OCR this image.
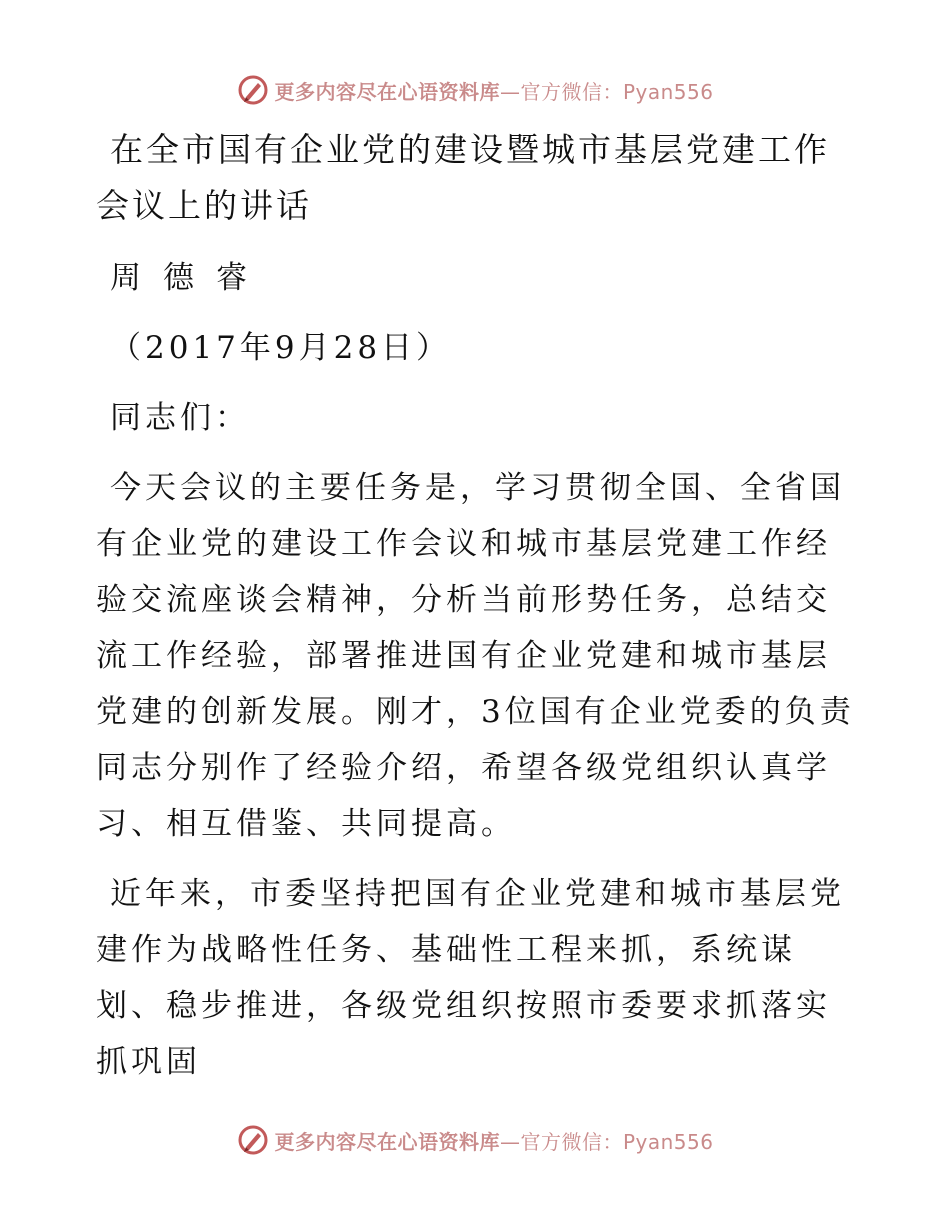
更多内容尽在心语资料库—官方微信：Pyan556
在全市国有企业党的建设暨城市基层党建工作会议上的讲话
周德睿
（2017年9月28日）
同志们：
今天会议的主要任务是，学习贯彻全国、全省国有企业党的建设工作会议和城市基层党建工作经验交流座谈会精神，分析当前形势任务，总结交流工作经验，部署推进国有企业党建和城市基层党建的创新发展。刚才，3位国有企业党委的负责同志分别作了经验介绍，希望各级党组织认真学习、相互借鉴、共同提高。
近年来，市委坚持把国有企业党建和城市基层党建作为战略性任务、基础性工程来抓，系统谋划、稳步推进，各级党组织按照市委要求抓落实抓巩固
更多内容尽在心语资料库—官方微信：Pyan556
